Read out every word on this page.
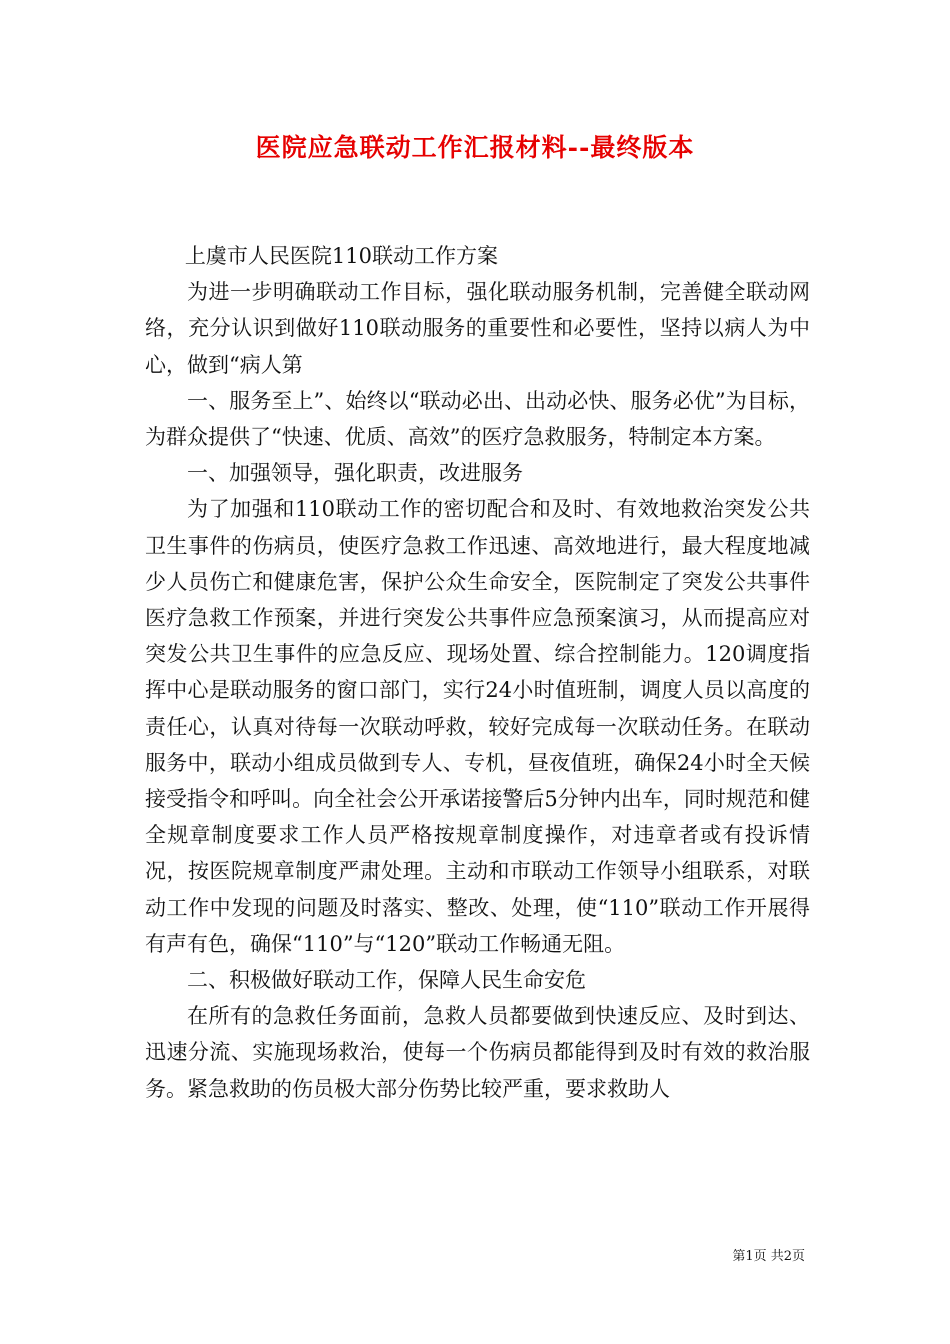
医院应急联动工作汇报材料--最终版本

上虞市人民医院110联动工作方案

为进一步明确联动工作目标，强化联动服务机制，完善健全联动网络，充分认识到做好110联动服务的重要性和必要性，坚持以病人为中心，做到“病人第

一、服务至上”、始终以“联动必出、出动必快、服务必优”为目标，为群众提供了“快速、优质、高效”的医疗急救服务，特制定本方案。

一、加强领导，强化职责，改进服务

为了加强和110联动工作的密切配合和及时、有效地救治突发公共卫生事件的伤病员，使医疗急救工作迅速、高效地进行，最大程度地减少人员伤亡和健康危害，保护公众生命安全，医院制定了突发公共事件医疗急救工作预案，并进行突发公共事件应急预案演习，从而提高应对突发公共卫生事件的应急反应、现场处置、综合控制能力。120调度指挥中心是联动服务的窗口部门，实行24小时值班制，调度人员以高度的责任心，认真对待每一次联动呼救，较好完成每一次联动任务。在联动服务中，联动小组成员做到专人、专机，昼夜值班，确保24小时全天候接受指令和呼叫。向全社会公开承诺接警后5分钟内出车，同时规范和健全规章制度要求工作人员严格按规章制度操作，对违章者或有投诉情况，按医院规章制度严肃处理。主动和市联动工作领导小组联系，对联动工作中发现的问题及时落实、整改、处理，使“110”联动工作开展得有声有色，确保“110”与“120”联动工作畅通无阻。

二、积极做好联动工作，保障人民生命安危

在所有的急救任务面前，急救人员都要做到快速反应、及时到达、迅速分流、实施现场救治，使每一个伤病员都能得到及时有效的救治服务。紧急救助的伤员极大部分伤势比较严重，要求救助人

第1页 共2页
